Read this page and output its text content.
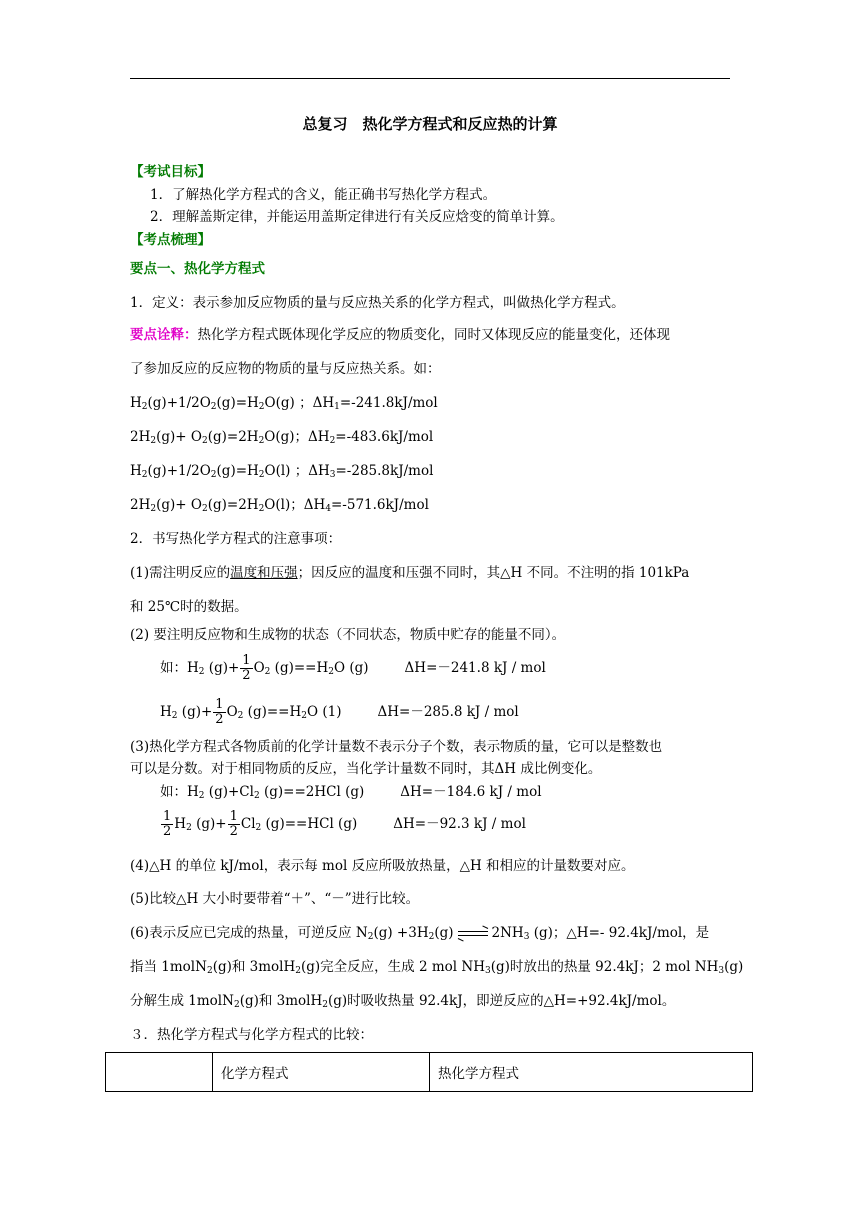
总复习　热化学方程式和反应热的计算
【考试目标】
1．了解热化学方程式的含义，能正确书写热化学方程式。
2．理解盖斯定律，并能运用盖斯定律进行有关反应焓变的简单计算。
【考点梳理】
要点一、热化学方程式
1．定义：表示参加反应物质的量与反应热关系的化学方程式，叫做热化学方程式。
要点诠释：热化学方程式既体现化学反应的物质变化，同时又体现反应的能量变化，还体现
了参加反应的反应物的物质的量与反应热关系。如：
$H_2(g)+1/2O_2(g)=H_2O(g)$ ；$\Delta H_1=-241.8kJ$/mol
$2H_2(g)+ O_2(g)=2H_2O(g)$；$\Delta H_2=-483.6kJ$/mol
$H_2(g)+1/2O_2(g)=H_2O(l)$ ；$\Delta H_3=-285.8kJ$/mol
$2H_2(g)+ O_2(g)=2H_2O(l)$；$\Delta H_4=-571.6kJ$/mol
2．书写热化学方程式的注意事项：
(1)需注明反应的温度和压强；因反应的温度和压强不同时，其△H 不同。不注明的指 101kPa
和 25℃时的数据。
(2) 要注明反应物和生成物的状态（不同状态，物质中贮存的能量不同）。
如：$H_2$ $(g)+ \frac{1}{2} O_2$ $(g)==H_2O$ (g)	ΔH=－241.8 kJ / mol
$H_2$ $(g)+ \frac{1}{2} O_2$ $(g)==H_2O$ (1)	ΔH=－285.8 kJ / mol
(3)热化学方程式各物质前的化学计量数不表示分子个数，表示物质的量，它可以是整数也
可以是分数。对于相同物质的反应，当化学计量数不同时，其ΔH 成比例变化。
如：$H_2$ $(g)+Cl_2$ (g)==2HCl (g)	ΔH=－184.6 kJ / mol
$\frac{1}{2} H_2$ $(g)+ \frac{1}{2} Cl_2$ (g)==HCl (g)	ΔH=－92.3 kJ / mol
(4)△H 的单位 kJ/mol，表示每 mol 反应所吸放热量，△H 和相应的计量数要对应。
(5)比较△H 大小时要带着“＋”、“－”进行比较。
(6)表示反应已完成的热量，可逆反应 $N_2(g) +3H_2(g)$ ⇌ $2NH_3$ (g)；△H=- 92.4kJ/mol，是
指当 1molN$_2$(g)和 3molH$_2$(g)完全反应，生成 2 mol $NH_3(g)$时放出的热量 92.4kJ；2 mol $NH_3(g)$
分解生成 1molN$_2$(g)和 3molH$_2$(g)时吸收热量 92.4kJ，即逆反应的△H=+92.4kJ/mol。
３．热化学方程式与化学方程式的比较：
	化学方程式	热化学方程式
